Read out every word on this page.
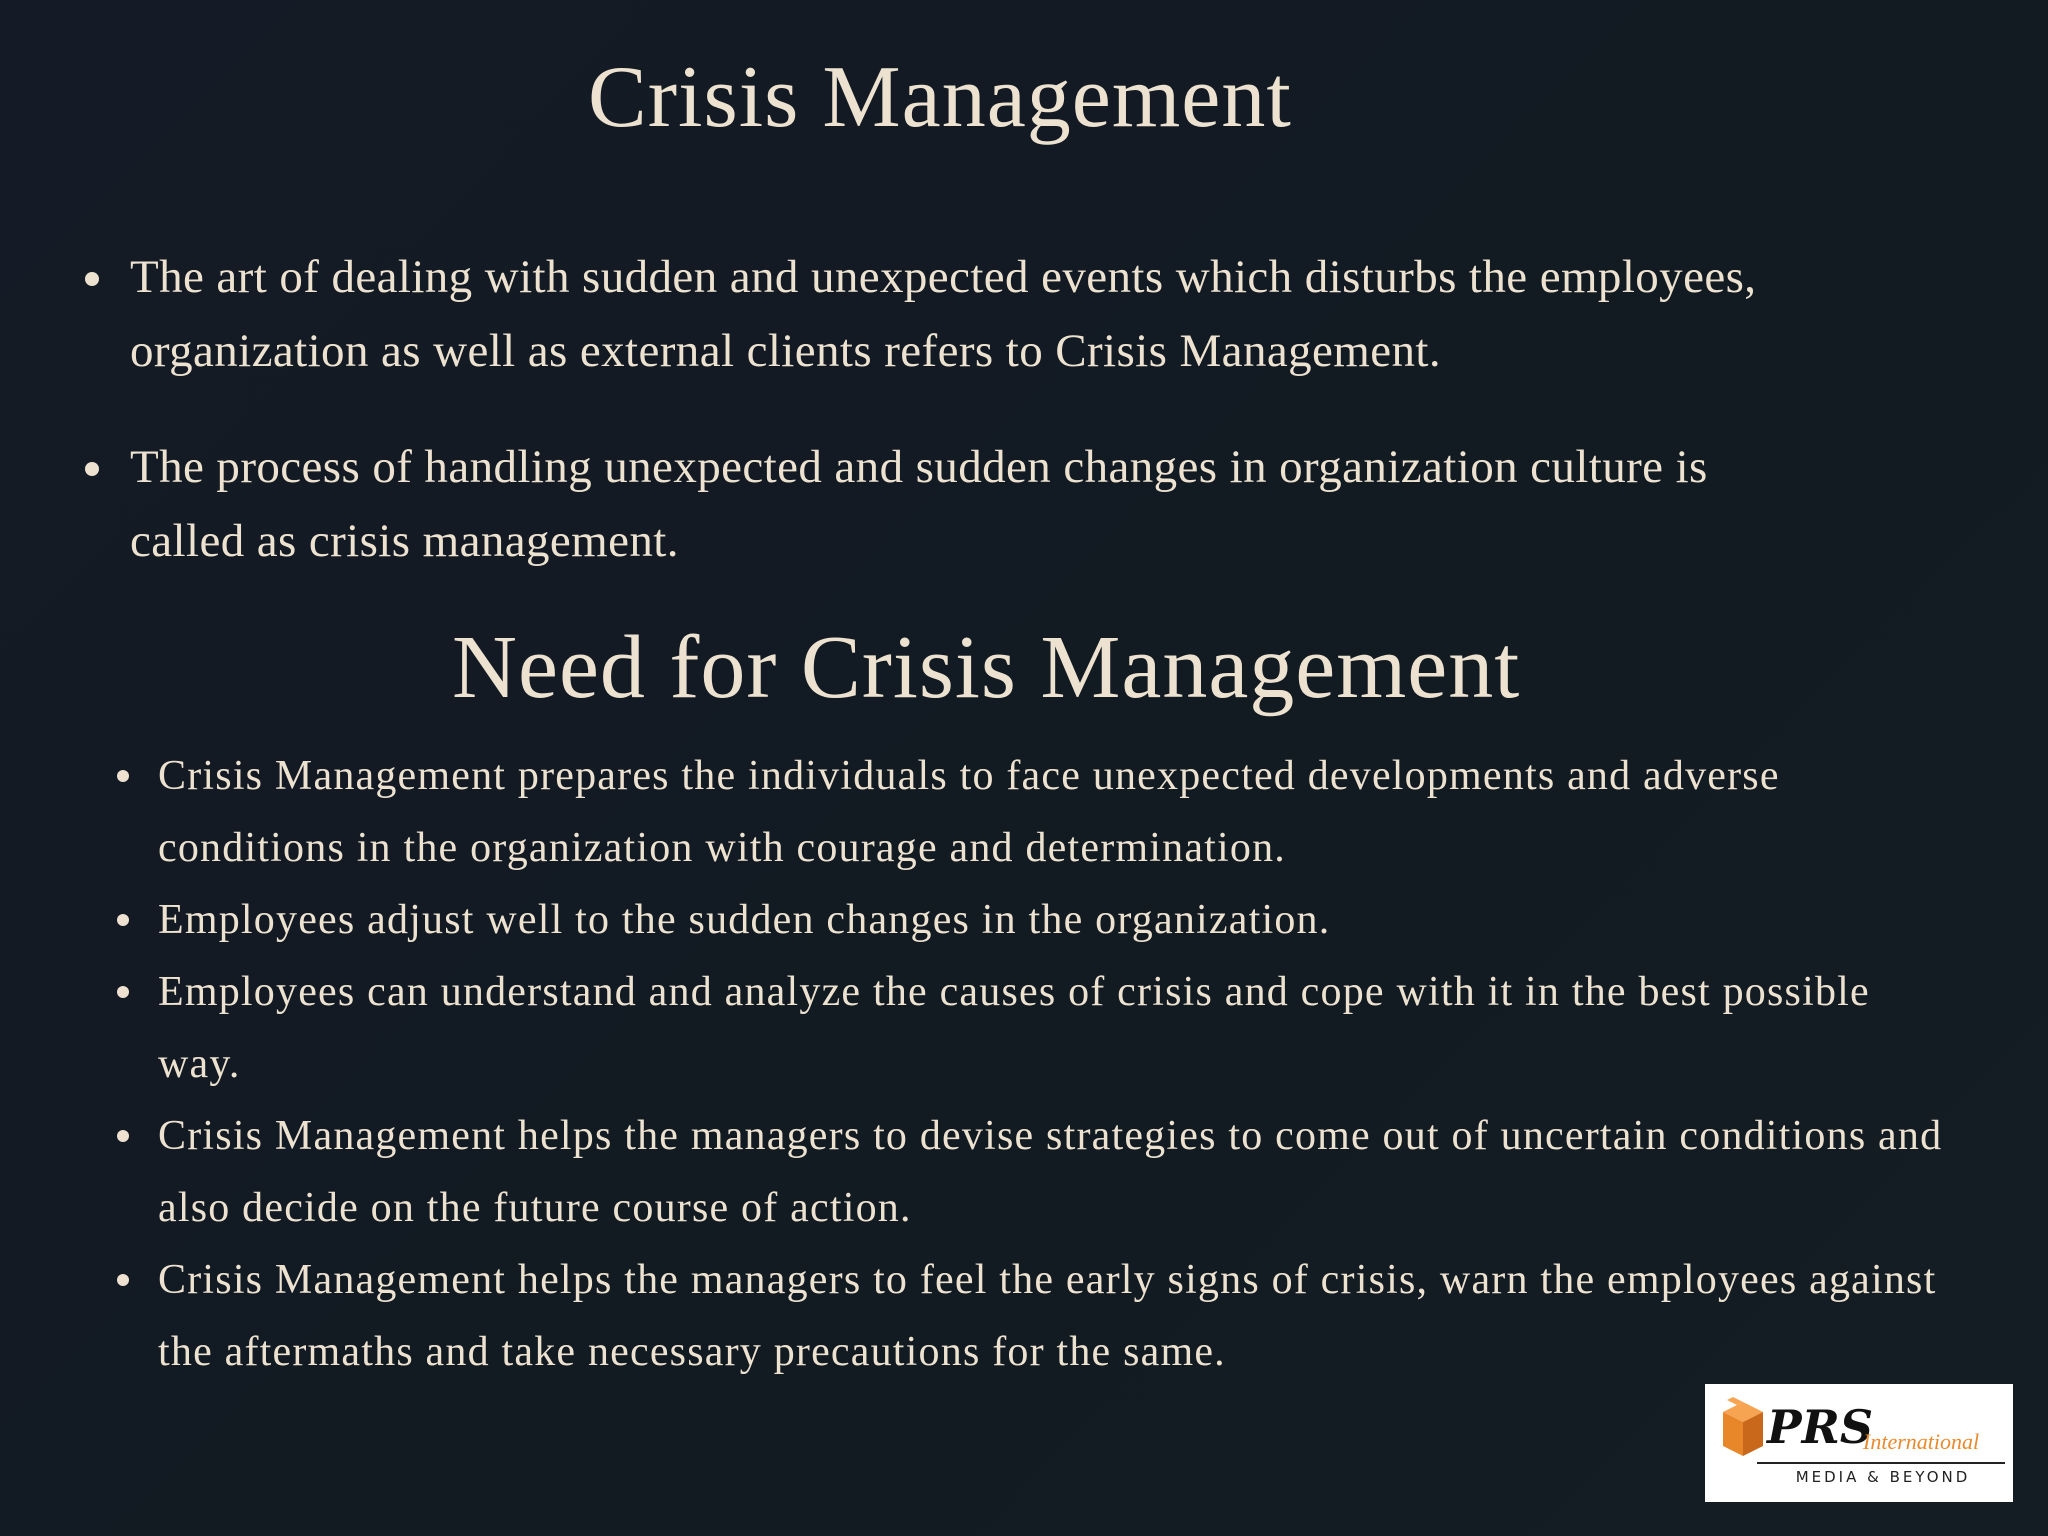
Crisis Management
The art of dealing with sudden and unexpected events which disturbs the employees, organization as well as external clients refers to Crisis Management.
The process of handling unexpected and sudden changes in organization culture is called as crisis management.
Need for Crisis Management
Crisis Management prepares the individuals to face unexpected developments and adverse conditions in the organization with courage and determination.
Employees adjust well to the sudden changes in the organization.
Employees can understand and analyze the causes of crisis and cope with it in the best possible way.
Crisis Management helps the managers to devise strategies to come out of uncertain conditions and also decide on the future course of action.
Crisis Management helps the managers to feel the early signs of crisis, warn the employees against the aftermaths and take necessary precautions for the same.
PRS
International
MEDIA & BEYOND
